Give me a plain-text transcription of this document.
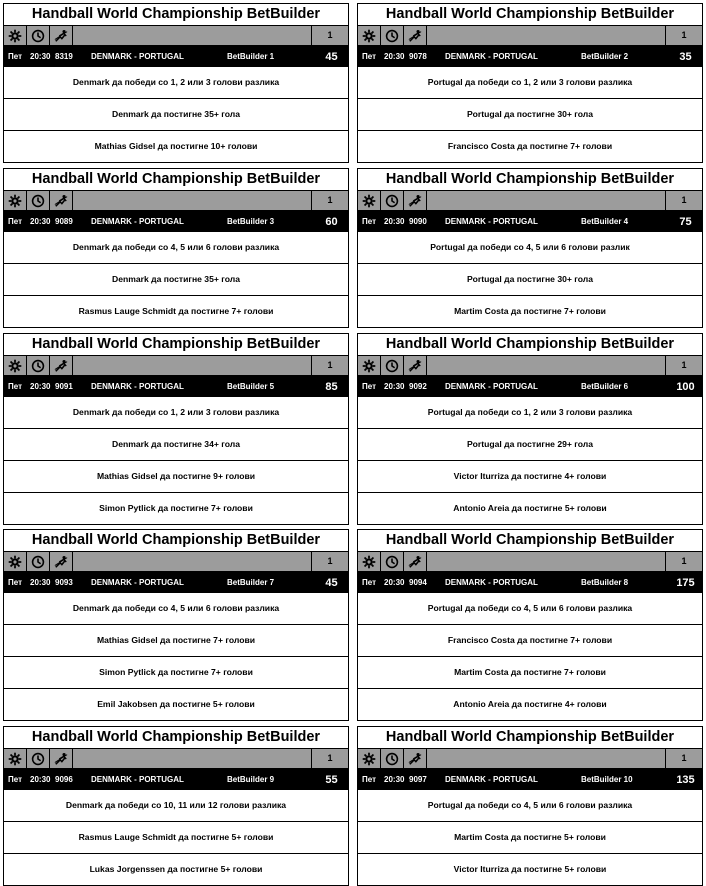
Handball World Championship BetBuilder
1
Пет 20:30 8319	DENMARK - PORTUGAL	BetBuilder 1	45
Denmark да победи со 1, 2 или 3 голови разлика
Denmark да постигне 35+ гола
Mathias Gidsel да постигне 10+ голови
Handball World Championship BetBuilder
1
Пет 20:30 9078	DENMARK - PORTUGAL	BetBuilder 2	35
Portugal да победи со 1, 2 или 3 голови разлика
Portugal да постигне 30+ гола
Francisco Costa да постигне 7+ голови
Handball World Championship BetBuilder
1
Пет 20:30 9089	DENMARK - PORTUGAL	BetBuilder 3	60
Denmark да победи со 4, 5 или 6 голови разлика
Denmark да постигне 35+ гола
Rasmus Lauge Schmidt да постигне 7+ голови
Handball World Championship BetBuilder
1
Пет 20:30 9090	DENMARK - PORTUGAL	BetBuilder 4	75
Portugal да победи со 4, 5 или 6 голови разлик
Portugal да постигне 30+ гола
Martim Costa да постигне 7+ голови
Handball World Championship BetBuilder
1
Пет 20:30 9091	DENMARK - PORTUGAL	BetBuilder 5	85
Denmark да победи со 1, 2 или 3 голови разлика
Denmark да постигне 34+ гола
Mathias Gidsel да постигне 9+ голови
Simon Pytlick да постигне 7+ голови
Handball World Championship BetBuilder
1
Пет 20:30 9092	DENMARK - PORTUGAL	BetBuilder 6	100
Portugal да победи со 1, 2 или 3 голови разлика
Portugal да постигне 29+ гола
Victor Iturriza да постигне 4+ голови
Antonio Areia да постигне 5+ голови
Handball World Championship BetBuilder
1
Пет 20:30 9093	DENMARK - PORTUGAL	BetBuilder 7	45
Denmark да победи со 4, 5 или 6 голови разлика
Mathias Gidsel да постигне 7+ голови
Simon Pytlick да постигне 7+ голови
Emil Jakobsen да постигне 5+ голови
Handball World Championship BetBuilder
1
Пет 20:30 9094	DENMARK - PORTUGAL	BetBuilder 8	175
Portugal да победи со 4, 5 или 6 голови разлика
Francisco Costa да постигне 7+ голови
Martim Costa да постигне 7+ голови
Antonio Areia да постигне 4+ голови
Handball World Championship BetBuilder
1
Пет 20:30 9096	DENMARK - PORTUGAL	BetBuilder 9	55
Denmark да победи со 10, 11 или 12 голови разлика
Rasmus Lauge Schmidt да постигне 5+ голови
Lukas Jorgenssen да постигне 5+ голови
Handball World Championship BetBuilder
1
Пет 20:30 9097	DENMARK - PORTUGAL	BetBuilder 10	135
Portugal да победи со 4, 5 или 6 голови разлика
Martim Costa да постигне 5+ голови
Victor Iturriza да постигне 5+ голови
